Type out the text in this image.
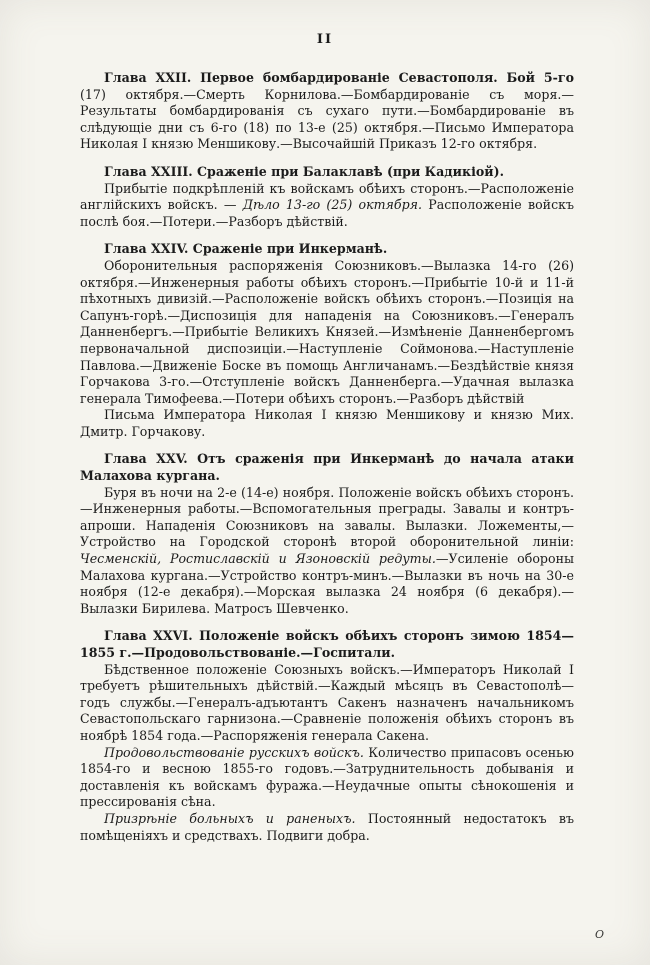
II

Глава XXII. Первое бомбардированіе Севастополя. Бой 5-го (17) октября.—Смерть Корнилова.—Бомбардированіе съ моря.—Результаты бомбардированія съ сухаго пути.—Бомбардированіе въ слѣдующіе дни съ 6-го (18) по 13-е (25) октября.—Письмо Императора Николая I князю Меншикову.—Высочайшій Приказъ 12-го октября.

Глава XXIII. Сраженіе при Балаклавѣ (при Кадикіой).

Прибытіе подкрѣпленій къ войскамъ обѣихъ сторонъ.—Расположеніе англійскихъ войскъ. — Дѣло 13-го (25) октября. Расположеніе войскъ послѣ боя.—Потери.—Разборъ дѣйствій.

Глава XXIV. Сраженіе при Инкерманѣ.

Оборонительныя распоряженія Союзниковъ.—Вылазка 14-го (26) октября.—Инженерныя работы обѣихъ сторонъ.—Прибытіе 10-й и 11-й пѣхотныхъ дивизій.—Расположеніе войскъ обѣихъ сторонъ.—Позиція на Сапунъ-горѣ.—Диспозиція для нападенія на Союзниковъ.—Генералъ Данненбергъ.—Прибытіе Великихъ Князей.—Измѣненіе Данненбергомъ первоначальной диспозиціи.—Наступленіе Соймонова.—Наступленіе Павлова.—Движеніе Боске въ помощь Англичанамъ.—Бездѣйствіе князя Горчакова 3-го.—Отступленіе войскъ Данненберга.—Удачная вылазка генерала Тимофеева.—Потери обѣихъ сторонъ.—Разборъ дѣйствій

Письма Императора Николая I князю Меншикову и князю Мих. Дмитр. Горчакову.

Глава XXV. Отъ сраженія при Инкерманѣ до начала атаки Малахова кургана.

Буря въ ночи на 2-е (14-е) ноября. Положеніе войскъ обѣихъ сторонъ.—Инженерныя работы.—Вспомогательныя преграды. Завалы и контръ-апроши. Нападенія Союзниковъ на завалы. Вылазки. Ложементы,—Устройство на Городской сторонѣ второй оборонительной линіи: Чесменскій, Ростиславскій и Язоновскій редуты.—Усиленіе обороны Малахова кургана.—Устройство контръ-минъ.—Вылазки въ ночь на 30-е ноября (12-е декабря).—Морская вылазка 24 ноября (6 декабря).—Вылазки Бирилева. Матросъ Шевченко.

Глава XXVI. Положеніе войскъ обѣихъ сторонъ зимою 1854—1855 г.—Продовольствованіе.—Госпитали.

Бѣдственное положеніе Союзныхъ войскъ.—Императоръ Николай I требуетъ рѣшительныхъ дѣйствій.—Каждый мѣсяцъ въ Севастополѣ—годъ службы.—Генералъ-адъютантъ Сакенъ назначенъ начальникомъ Севастопольскаго гарнизона.—Сравненіе положенія обѣихъ сторонъ въ ноябрѣ 1854 года.—Распоряженія генерала Сакена.

Продовольствованіе русскихъ войскъ. Количество припасовъ осенью 1854-го и весною 1855-го годовъ.—Затруднительность добыванія и доставленія къ войскамъ фуража.—Неудачные опыты сѣнокошенія и прессированія сѣна.

Призрѣніе больныхъ и раненыхъ. Постоянный недостатокъ въ помѣщеніяхъ и средствахъ. Подвиги добра.

О
